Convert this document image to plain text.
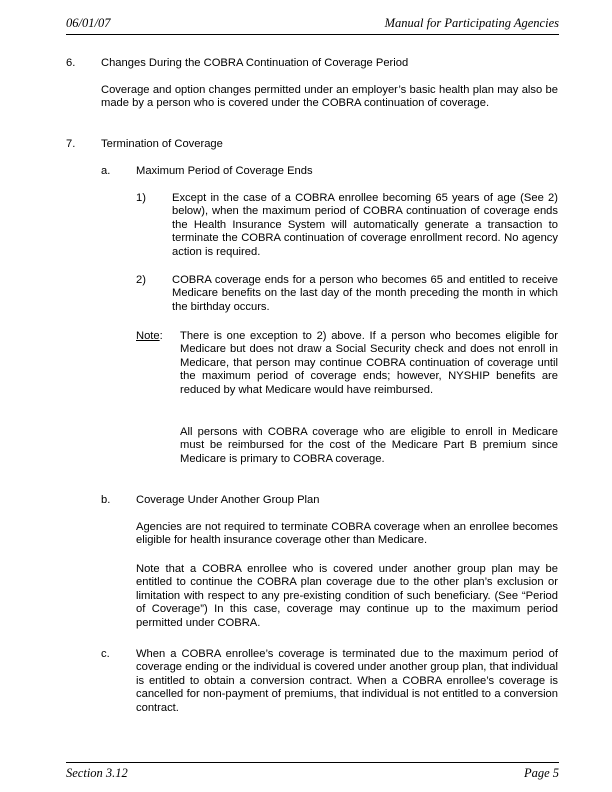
06/01/07	Manual for Participating Agencies
6. Changes During the COBRA Continuation of Coverage Period

Coverage and option changes permitted under an employer’s basic health plan may also be made by a person who is covered under the COBRA continuation of coverage.

7. Termination of Coverage
a. Maximum Period of Coverage Ends
1) Except in the case of a COBRA enrollee becoming 65 years of age (See 2) below), when the maximum period of COBRA continuation of coverage ends the Health Insurance System will automatically generate a transaction to terminate the COBRA continuation of coverage enrollment record. No agency action is required.

2) COBRA coverage ends for a person who becomes 65 and entitled to receive Medicare benefits on the last day of the month preceding the month in which the birthday occurs.

Note: There is one exception to 2) above. If a person who becomes eligible for Medicare but does not draw a Social Security check and does not enroll in Medicare, that person may continue COBRA continuation of coverage until the maximum period of coverage ends; however, NYSHIP benefits are reduced by what Medicare would have reimbursed.

All persons with COBRA coverage who are eligible to enroll in Medicare must be reimbursed for the cost of the Medicare Part B premium since Medicare is primary to COBRA coverage.

b. Coverage Under Another Group Plan

Agencies are not required to terminate COBRA coverage when an enrollee becomes eligible for health insurance coverage other than Medicare.

Note that a COBRA enrollee who is covered under another group plan may be entitled to continue the COBRA plan coverage due to the other plan’s exclusion or limitation with respect to any pre-existing condition of such beneficiary. (See “Period of Coverage”) In this case, coverage may continue up to the maximum period permitted under COBRA.

c. When a COBRA enrollee’s coverage is terminated due to the maximum period of coverage ending or the individual is covered under another group plan, that individual is entitled to obtain a conversion contract. When a COBRA enrollee’s coverage is cancelled for non-payment of premiums, that individual is not entitled to a conversion contract.

Section 3.12	Page 5
